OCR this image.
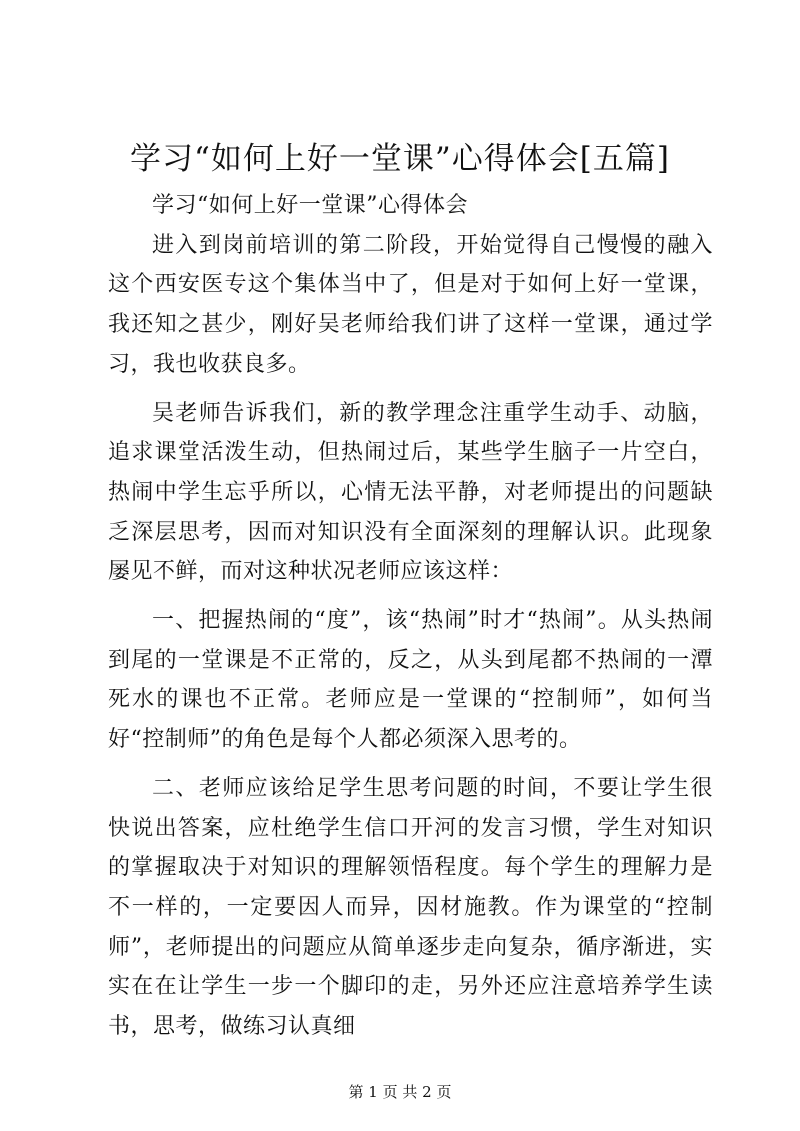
学习“如何上好一堂课”心得体会[五篇]

学习“如何上好一堂课”心得体会

进入到岗前培训的第二阶段，开始觉得自己慢慢的融入这个西安医专这个集体当中了，但是对于如何上好一堂课，我还知之甚少，刚好吴老师给我们讲了这样一堂课，通过学习，我也收获良多。

吴老师告诉我们，新的教学理念注重学生动手、动脑，追求课堂活泼生动，但热闹过后，某些学生脑子一片空白，热闹中学生忘乎所以，心情无法平静，对老师提出的问题缺乏深层思考，因而对知识没有全面深刻的理解认识。此现象屡见不鲜，而对这种状况老师应该这样：

一、把握热闹的“度”，该“热闹”时才“热闹”。从头热闹到尾的一堂课是不正常的，反之，从头到尾都不热闹的一潭死水的课也不正常。老师应是一堂课的“控制师”，如何当好“控制师”的角色是每个人都必须深入思考的。

二、老师应该给足学生思考问题的时间，不要让学生很快说出答案，应杜绝学生信口开河的发言习惯，学生对知识的掌握取决于对知识的理解领悟程度。每个学生的理解力是不一样的，一定要因人而异，因材施教。作为课堂的“控制师”，老师提出的问题应从简单逐步走向复杂，循序渐进，实实在在让学生一步一个脚印的走，另外还应注意培养学生读书，思考，做练习认真细

第 1 页 共 2 页
